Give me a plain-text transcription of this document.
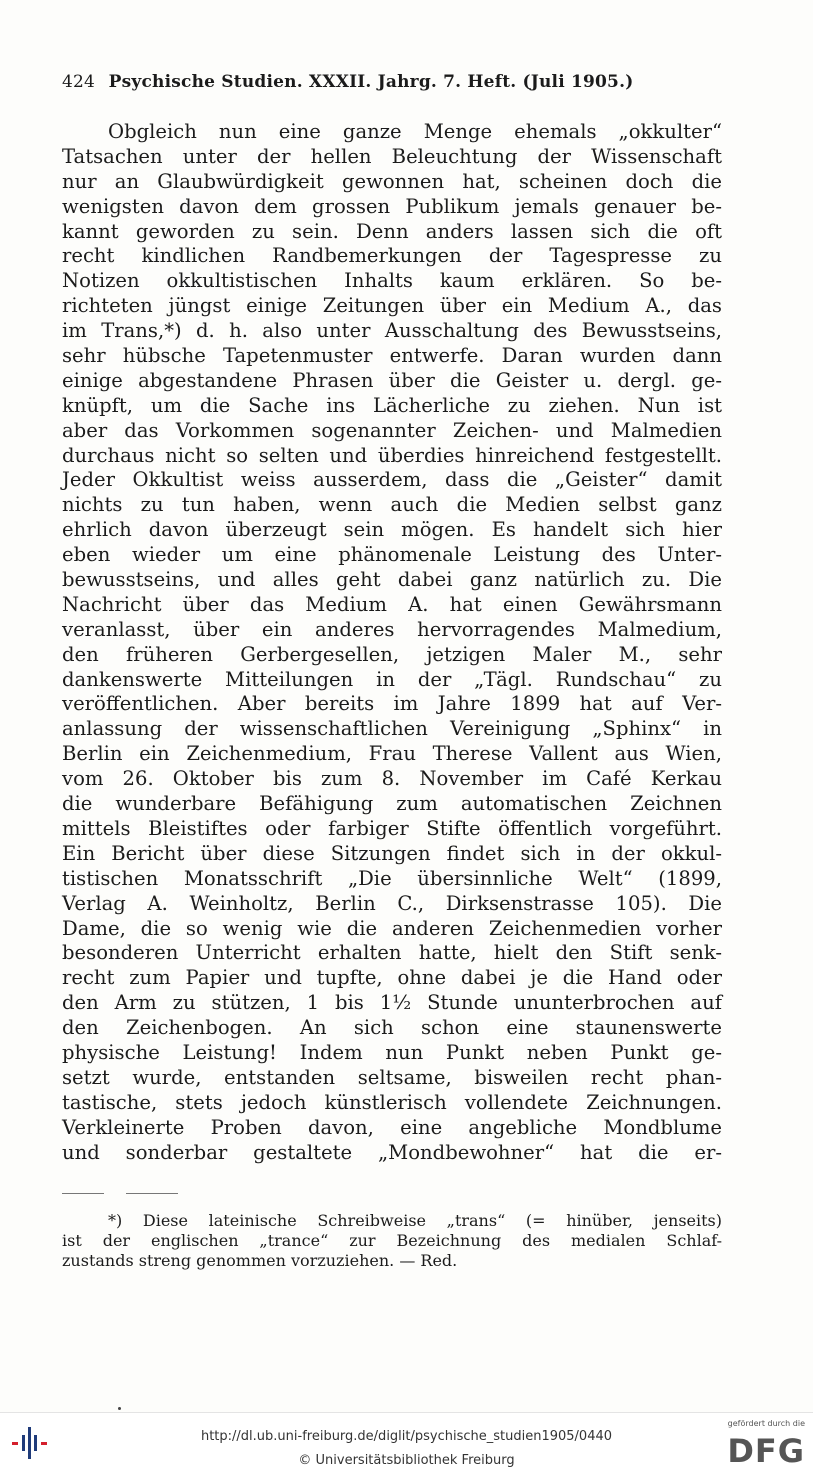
424 Psychische Studien. XXXII. Jahrg. 7. Heft. (Juli 1905.)
Obgleich nun eine ganze Menge ehemals „okkulter“
Tatsachen unter der hellen Beleuchtung der Wissenschaft
nur an Glaubwürdigkeit gewonnen hat, scheinen doch die
wenigsten davon dem grossen Publikum jemals genauer be-
kannt geworden zu sein. Denn anders lassen sich die oft
recht kindlichen Randbemerkungen der Tagespresse zu
Notizen okkultistischen Inhalts kaum erklären. So be-
richteten jüngst einige Zeitungen über ein Medium A., das
im Trans,*) d. h. also unter Ausschaltung des Bewusstseins,
sehr hübsche Tapetenmuster entwerfe. Daran wurden dann
einige abgestandene Phrasen über die Geister u. dergl. ge-
knüpft, um die Sache ins Lächerliche zu ziehen. Nun ist
aber das Vorkommen sogenannter Zeichen- und Malmedien
durchaus nicht so selten und überdies hinreichend festgestellt.
Jeder Okkultist weiss ausserdem, dass die „Geister“ damit
nichts zu tun haben, wenn auch die Medien selbst ganz
ehrlich davon überzeugt sein mögen. Es handelt sich hier
eben wieder um eine phänomenale Leistung des Unter-
bewusstseins, und alles geht dabei ganz natürlich zu. Die
Nachricht über das Medium A. hat einen Gewährsmann
veranlasst, über ein anderes hervorragendes Malmedium,
den früheren Gerbergesellen, jetzigen Maler M., sehr
dankenswerte Mitteilungen in der „Tägl. Rundschau“ zu
veröffentlichen. Aber bereits im Jahre 1899 hat auf Ver-
anlassung der wissenschaftlichen Vereinigung „Sphinx“ in
Berlin ein Zeichenmedium, Frau Therese Vallent aus Wien,
vom 26. Oktober bis zum 8. November im Café Kerkau
die wunderbare Befähigung zum automatischen Zeichnen
mittels Bleistiftes oder farbiger Stifte öffentlich vorgeführt.
Ein Bericht über diese Sitzungen findet sich in der okkul-
tistischen Monatsschrift „Die übersinnliche Welt“ (1899,
Verlag A. Weinholtz, Berlin C., Dirksenstrasse 105). Die
Dame, die so wenig wie die anderen Zeichenmedien vorher
besonderen Unterricht erhalten hatte, hielt den Stift senk-
recht zum Papier und tupfte, ohne dabei je die Hand oder
den Arm zu stützen, 1 bis 1½ Stunde ununterbrochen auf
den Zeichenbogen. An sich schon eine staunenswerte
physische Leistung! Indem nun Punkt neben Punkt ge-
setzt wurde, entstanden seltsame, bisweilen recht phan-
tastische, stets jedoch künstlerisch vollendete Zeichnungen.
Verkleinerte Proben davon, eine angebliche Mondblume
und sonderbar gestaltete „Mondbewohner“ hat die er-
*) Diese lateinische Schreibweise „trans“ (= hinüber, jenseits)
ist der englischen „trance“ zur Bezeichnung des medialen Schlaf-
zustands streng genommen vorzuziehen. — Red.
http://dl.ub.uni-freiburg.de/diglit/psychische_studien1905/0440
© Universitätsbibliothek Freiburg
gefördert durch die
DFG
